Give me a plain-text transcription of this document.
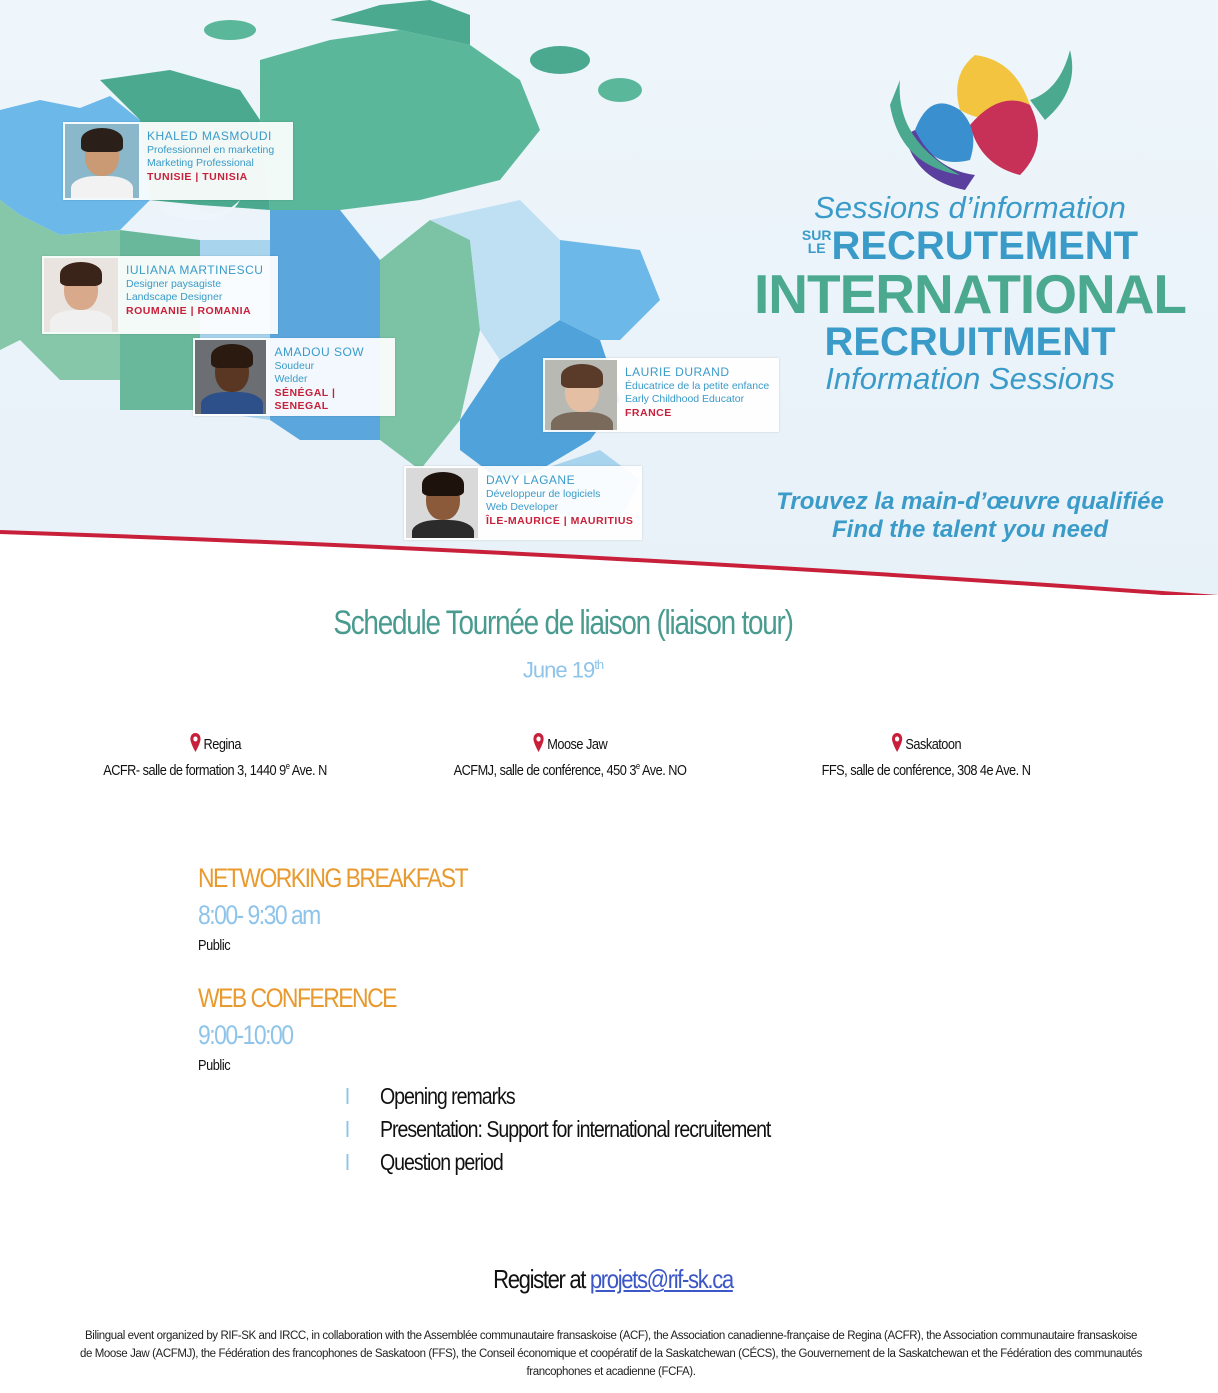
KHALED MASMOUDI
Professionnel en marketing
Marketing Professional
TUNISIE | TUNISIA
IULIANA MARTINESCU
Designer paysagiste
Landscape Designer
ROUMANIE | ROMANIA
AMADOU SOW
Soudeur
Welder
SÉNÉGAL | SENEGAL
LAURIE DURAND
Éducatrice de la petite enfance
Early Childhood Educator
FRANCE
DAVY LAGANE
Développeur de logiciels
Web Developer
ÎLE-MAURICE | MAURITIUS
Sessions d’information
SUR
LE RECRUTEMENT
INTERNATIONAL
RECRUITMENT
Information Sessions
Trouvez la main-d’œuvre qualifiée
Find the talent you need
Schedule Tournée de liaison (liaison tour)
June 19th
Regina
ACFR- salle de formation 3, 1440 9e Ave. N
Moose Jaw
ACFMJ, salle de conférence, 450 3e Ave. NO
Saskatoon
FFS, salle de conférence, 308 4e Ave. N
NETWORKING BREAKFAST
8:00- 9:30 am
Public
WEB CONFERENCE
9:00-10:00
Public
l	Opening remarks
l	Presentation: Support for international recruitement
l	Question period
Register at projets@rif-sk.ca
Bilingual event organized by RIF-SK and IRCC, in collaboration with the Assemblée communautaire fransaskoise (ACF), the Association canadienne-française de Regina (ACFR), the Association communautaire fransaskoise de Moose Jaw (ACFMJ), the Fédération des francophones de Saskatoon (FFS), the Conseil économique et coopératif de la Saskatchewan (CÉCS), the Gouvernement de la Saskatchewan et the Fédération des communautés francophones et acadienne (FCFA).
